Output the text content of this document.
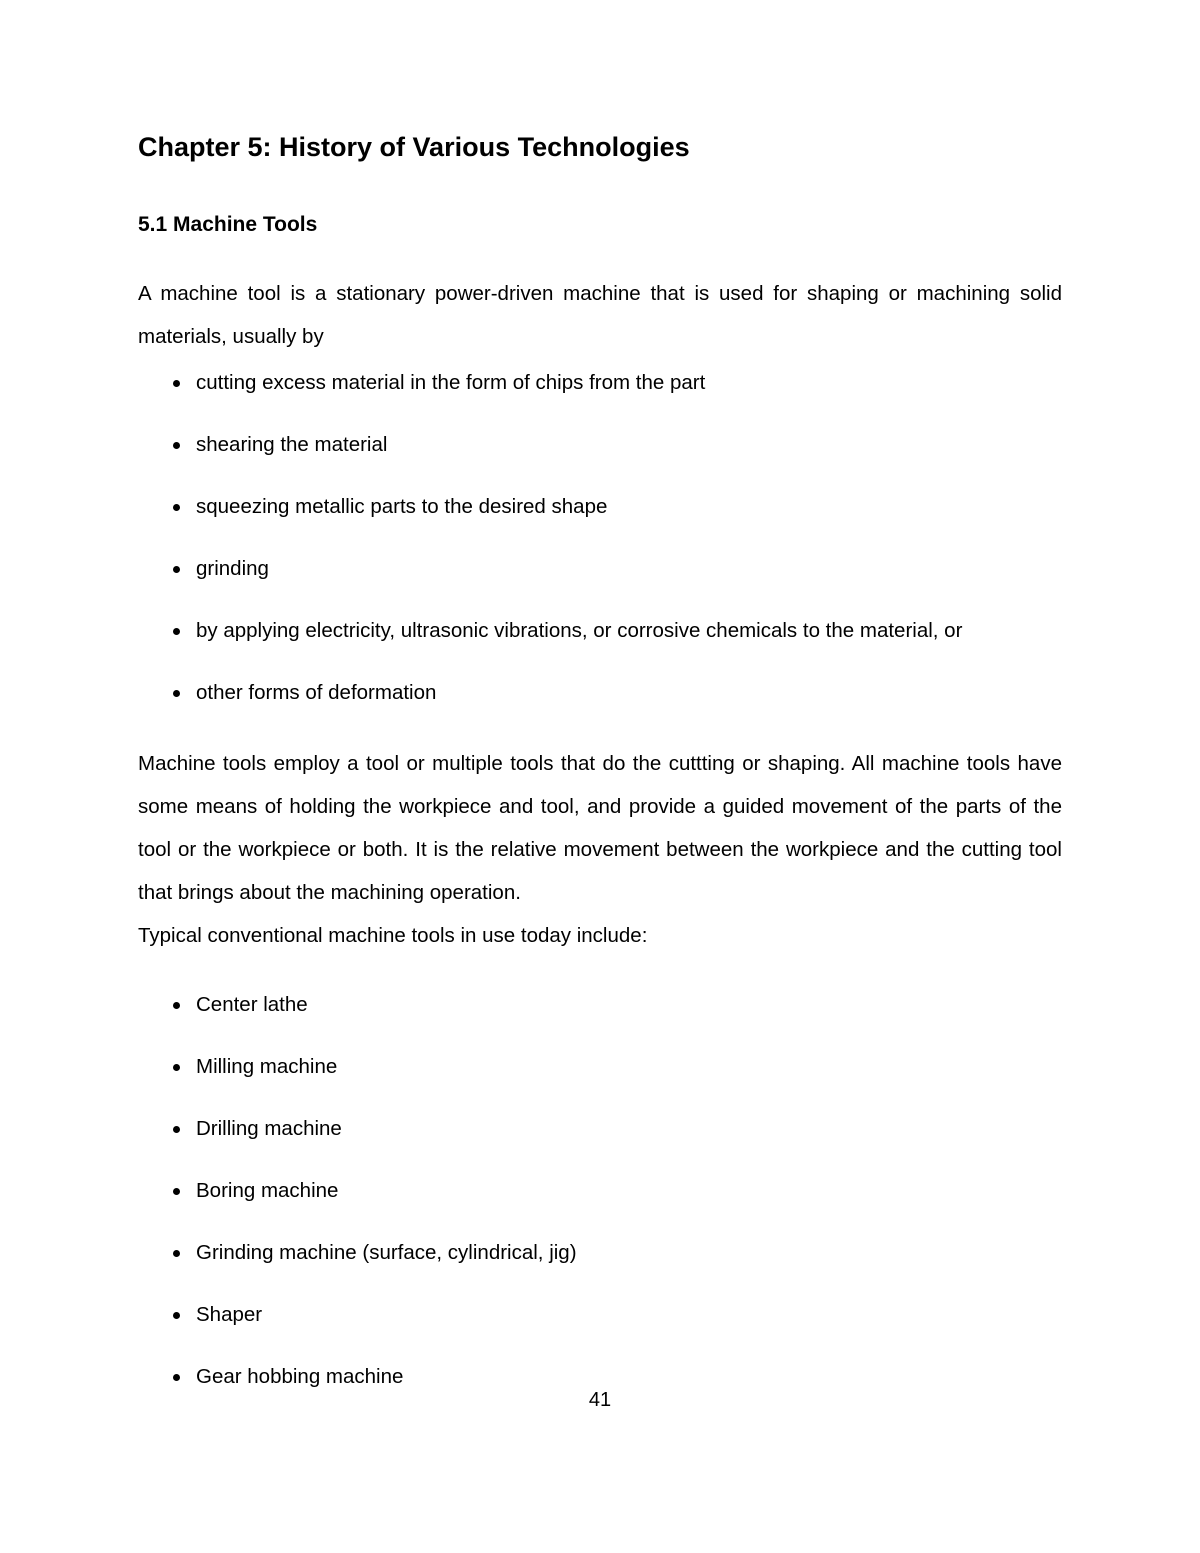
Chapter 5: History of Various Technologies
5.1 Machine Tools

A machine tool is a stationary power-driven machine that is used for shaping or machining solid materials, usually by

cutting excess material in the form of chips from the part
shearing the material
squeezing metallic parts to the desired shape
grinding
by applying electricity, ultrasonic vibrations, or corrosive chemicals to the material, or
other forms of deformation

Machine tools employ a tool or multiple tools that do the cuttting or shaping. All machine tools have some means of holding the workpiece and tool, and provide a guided movement of the parts of the tool or the workpiece or both. It is the relative movement between the workpiece and the cutting tool that brings about the machining operation.

Typical conventional machine tools in use today include:

Center lathe
Milling machine
Drilling machine
Boring machine
Grinding machine (surface, cylindrical, jig)
Shaper
Gear hobbing machine
41
